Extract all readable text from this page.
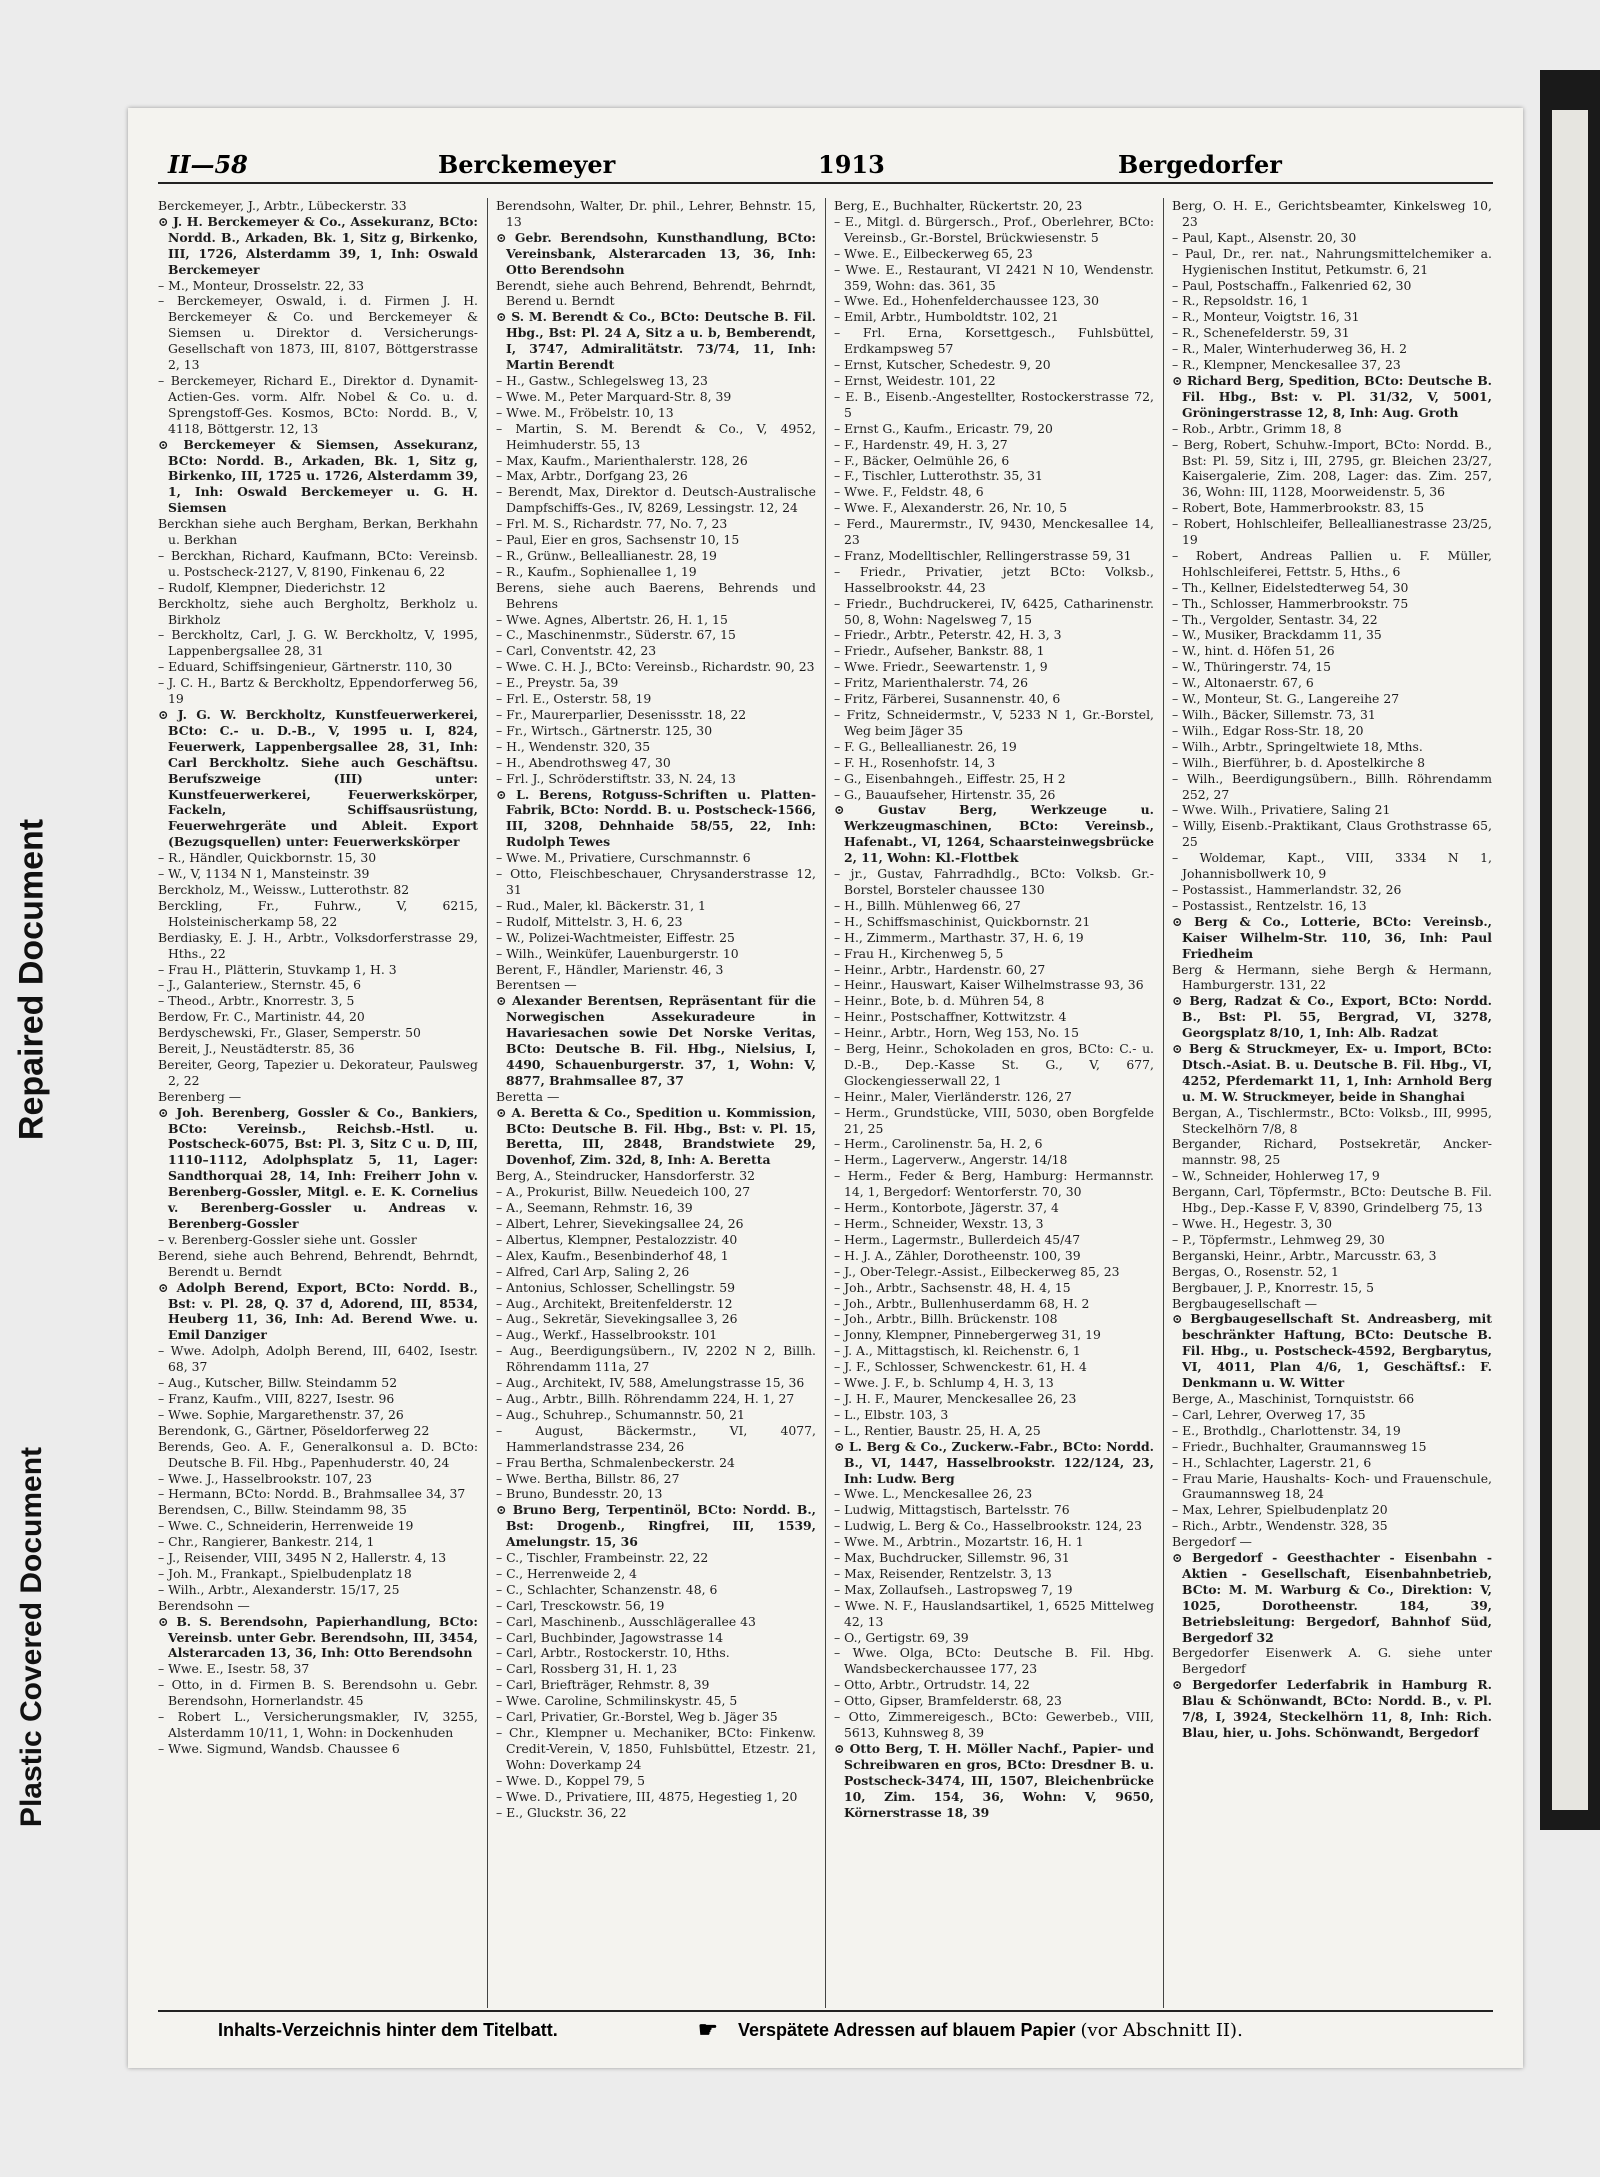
Plastic Covered Document
Repaired Document
II—58	Berckemeyer	1913	Bergedorfer

Berckemeyer, J., Arbtr., Lübeckerstr. 33

⊙ J. H. Berckemeyer & Co., Assekuranz, BCto: Nordd. B., Arkaden, Bk. 1, Sitz g, Birkenko, III, 1726, Alsterdamm 39, 1, Inh: Oswald Berckemeyer

– M., Monteur, Drosselstr. 22, 33

– Berckemeyer, Oswald, i. d. Firmen J. H. Berckemeyer & Co. und Berckemeyer & Siemsen u. Direktor d. Versicherungs-Gesellschaft von 1873, III, 8107, Böttgerstrasse 2, 13

– Berckemeyer, Richard E., Direktor d. Dynamit-Actien-Ges. vorm. Alfr. Nobel & Co. u. d. Sprengstoff-Ges. Kosmos, BCto: Nordd. B., V, 4118, Böttgerstr. 12, 13

⊙ Berckemeyer & Siemsen, Assekuranz, BCto: Nordd. B., Arkaden, Bk. 1, Sitz g, Birkenko, III, 1725 u. 1726, Alsterdamm 39, 1, Inh: Oswald Berckemeyer u. G. H. Siemsen

Berckhan siehe auch Bergham, Berkan, Berkhahn u. Berkhan

– Berckhan, Richard, Kaufmann, BCto: Vereinsb. u. Postscheck-2127, V, 8190, Finkenau 6, 22

– Rudolf, Klempner, Diederichstr. 12

Berckholtz, siehe auch Bergholtz, Berkholz u. Birkholz

– Berckholtz, Carl, J. G. W. Berckholtz, V, 1995, Lappenbergsallee 28, 31

– Eduard, Schiffsingenieur, Gärtnerstr. 110, 30

– J. C. H., Bartz & Berckholtz, Eppendorferweg 56, 19

⊙ J. G. W. Berckholtz, Kunstfeuerwerkerei, BCto: C.- u. D.-B., V, 1995 u. I, 824, Feuerwerk, Lappenbergsallee 28, 31, Inh: Carl Berckholtz. Siehe auch Geschäftsu. Berufszweige (III) unter: Kunstfeuerwerkerei, Feuerwerkskörper, Fackeln, Schiffsausrüstung, Feuerwehrgeräte und Ableit. Export (Bezugsquellen) unter: Feuerwerkskörper

– R., Händler, Quickbornstr. 15, 30

– W., V, 1134 N 1, Mansteinstr. 39

Berckholz, M., Weissw., Lutterothstr. 82

Berckling, Fr., Fuhrw., V, 6215, Holsteinischerkamp 58, 22

Berdiasky, E. J. H., Arbtr., Volksdorferstrasse 29, Hths., 22

– Frau H., Plätterin, Stuvkamp 1, H. 3

– J., Galanteriew., Sternstr. 45, 6

– Theod., Arbtr., Knorrestr. 3, 5

Berdow, Fr. C., Martinistr. 44, 20

Berdyschewski, Fr., Glaser, Semperstr. 50

Bereit, J., Neustädterstr. 85, 36

Bereiter, Georg, Tapezier u. Dekorateur, Paulsweg 2, 22

Berenberg —

⊙ Joh. Berenberg, Gossler & Co., Bankiers, BCto: Vereinsb., Reichsb.-Hstl. u. Postscheck-6075, Bst: Pl. 3, Sitz C u. D, III, 1110–1112, Adolphsplatz 5, 11, Lager: Sandthorquai 28, 14, Inh: Freiherr John v. Berenberg-Gossler, Mitgl. e. E. K. Cornelius v. Berenberg-Gossler u. Andreas v. Berenberg-Gossler

– v. Berenberg-Gossler siehe unt. Gossler

Berend, siehe auch Behrend, Behrendt, Behrndt, Berendt u. Berndt

⊙ Adolph Berend, Export, BCto: Nordd. B., Bst: v. Pl. 28, Q. 37 d, Adorend, III, 8534, Heuberg 11, 36, Inh: Ad. Berend Wwe. u. Emil Danziger

– Wwe. Adolph, Adolph Berend, III, 6402, Isestr. 68, 37

– Aug., Kutscher, Billw. Steindamm 52

– Franz, Kaufm., VIII, 8227, Isestr. 96

– Wwe. Sophie, Margarethenstr. 37, 26

Berendonk, G., Gärtner, Pöseldorferweg 22

Berends, Geo. A. F., Generalkonsul a. D. BCto: Deutsche B. Fil. Hbg., Papenhuderstr. 40, 24

– Wwe. J., Hasselbrookstr. 107, 23

– Hermann, BCto: Nordd. B., Brahmsallee 34, 37

Berendsen, C., Billw. Steindamm 98, 35

– Wwe. C., Schneiderin, Herrenweide 19

– Chr., Rangierer, Bankestr. 214, 1

– J., Reisender, VIII, 3495 N 2, Hallerstr. 4, 13

– Joh. M., Frankapt., Spielbudenplatz 18

– Wilh., Arbtr., Alexanderstr. 15/17, 25

Berendsohn —

⊙ B. S. Berendsohn, Papierhandlung, BCto: Vereinsb. unter Gebr. Berendsohn, III, 3454, Alsterarcaden 13, 36, Inh: Otto Berendsohn

– Wwe. E., Isestr. 58, 37

– Otto, in d. Firmen B. S. Berendsohn u. Gebr. Berendsohn, Hornerlandstr. 45

– Robert L., Versicherungsmakler, IV, 3255, Alsterdamm 10/11, 1, Wohn: in Dockenhuden

– Wwe. Sigmund, Wandsb. Chaussee 6

Berendsohn, Walter, Dr. phil., Lehrer, Behnstr. 15, 13

⊙ Gebr. Berendsohn, Kunsthandlung, BCto: Vereinsbank, Alsterarcaden 13, 36, Inh: Otto Berendsohn

Berendt, siehe auch Behrend, Behrendt, Behrndt, Berend u. Berndt

⊙ S. M. Berendt & Co., BCto: Deutsche B. Fil. Hbg., Bst: Pl. 24 A, Sitz a u. b, Bemberendt, I, 3747, Admiralitätstr. 73/74, 11, Inh: Martin Berendt

– H., Gastw., Schlegelsweg 13, 23

– Wwe. M., Peter Marquard-Str. 8, 39

– Wwe. M., Fröbelstr. 10, 13

– Martin, S. M. Berendt & Co., V, 4952, Heimhuderstr. 55, 13

– Max, Kaufm., Marienthalerstr. 128, 26

– Max, Arbtr., Dorfgang 23, 26

– Berendt, Max, Direktor d. Deutsch-Australische Dampfschiffs-Ges., IV, 8269, Lessingstr. 12, 24

– Frl. M. S., Richardstr. 77, No. 7, 23

– Paul, Eier en gros, Sachsenstr 10, 15

– R., Grünw., Belleallianestr. 28, 19

– R., Kaufm., Sophienallee 1, 19

Berens, siehe auch Baerens, Behrends und Behrens

– Wwe. Agnes, Albertstr. 26, H. 1, 15

– C., Maschinenmstr., Süderstr. 67, 15

– Carl, Conventstr. 42, 23

– Wwe. C. H. J., BCto: Vereinsb., Richardstr. 90, 23

– E., Preystr. 5a, 39

– Frl. E., Osterstr. 58, 19

– Fr., Maurerparlier, Desenissstr. 18, 22

– Fr., Wirtsch., Gärtnerstr. 125, 30

– H., Wendenstr. 320, 35

– H., Abendrothsweg 47, 30

– Frl. J., Schröderstiftstr. 33, N. 24, 13

⊙ L. Berens, Rotguss-Schriften u. Platten-Fabrik, BCto: Nordd. B. u. Postscheck-1566, III, 3208, Dehnhaide 58/55, 22, Inh: Rudolph Tewes

– Wwe. M., Privatiere, Curschmannstr. 6

– Otto, Fleischbeschauer, Chrysanderstrasse 12, 31

– Rud., Maler, kl. Bäckerstr. 31, 1

– Rudolf, Mittelstr. 3, H. 6, 23

– W., Polizei-Wachtmeister, Eiffestr. 25

– Wilh., Weinküfer, Lauenburgerstr. 10

Berent, F., Händler, Marienstr. 46, 3

Berentsen —

⊙ Alexander Berentsen, Repräsentant für die Norwegischen Assekuradeure in Havariesachen sowie Det Norske Veritas, BCto: Deutsche B. Fil. Hbg., Nielsius, I, 4490, Schauenburgerstr. 37, 1, Wohn: V, 8877, Brahmsallee 87, 37

Beretta —

⊙ A. Beretta & Co., Spedition u. Kommission, BCto: Deutsche B. Fil. Hbg., Bst: v. Pl. 15, Beretta, III, 2848, Brandstwiete 29, Dovenhof, Zim. 32d, 8, Inh: A. Beretta

Berg, A., Steindrucker, Hansdorferstr. 32

– A., Prokurist, Billw. Neuedeich 100, 27

– A., Seemann, Rehmstr. 16, 39

– Albert, Lehrer, Sievekingsallee 24, 26

– Albertus, Klempner, Pestalozzistr. 40

– Alex, Kaufm., Besenbinderhof 48, 1

– Alfred, Carl Arp, Saling 2, 26

– Antonius, Schlosser, Schellingstr. 59

– Aug., Architekt, Breitenfelderstr. 12

– Aug., Sekretär, Sievekingsallee 3, 26

– Aug., Werkf., Hasselbrookstr. 101

– Aug., Beerdigungsübern., IV, 2202 N 2, Billh. Röhrendamm 111a, 27

– Aug., Architekt, IV, 588, Amelungstrasse 15, 36

– Aug., Arbtr., Billh. Röhrendamm 224, H. 1, 27

– Aug., Schuhrep., Schumannstr. 50, 21

– August, Bäckermstr., VI, 4077, Hammerlandstrasse 234, 26

– Frau Bertha, Schmalenbeckerstr. 24

– Wwe. Bertha, Billstr. 86, 27

– Bruno, Bundesstr. 20, 13

⊙ Bruno Berg, Terpentinöl, BCto: Nordd. B., Bst: Drogenb., Ringfrei, III, 1539, Amelungstr. 15, 36

– C., Tischler, Frambeinstr. 22, 22

– C., Herrenweide 2, 4

– C., Schlachter, Schanzenstr. 48, 6

– Carl, Tresckowstr. 56, 19

– Carl, Maschinenb., Ausschlägerallee 43

– Carl, Buchbinder, Jagowstrasse 14

– Carl, Arbtr., Rostockerstr. 10, Hths.

– Carl, Rossberg 31, H. 1, 23

– Carl, Briefträger, Rehmstr. 8, 39

– Wwe. Caroline, Schmilinskystr. 45, 5

– Carl, Privatier, Gr.-Borstel, Weg b. Jäger 35

– Chr., Klempner u. Mechaniker, BCto: Finkenw. Credit-Verein, V, 1850, Fuhlsbüttel, Etzestr. 21, Wohn: Doverkamp 24

– Wwe. D., Koppel 79, 5

– Wwe. D., Privatiere, III, 4875, Hegestieg 1, 20

– E., Gluckstr. 36, 22

Berg, E., Buchhalter, Rückertstr. 20, 23

– E., Mitgl. d. Bürgersch., Prof., Oberlehrer, BCto: Vereinsb., Gr.-Borstel, Brückwiesenstr. 5

– Wwe. E., Eilbeckerweg 65, 23

– Wwe. E., Restaurant, VI 2421 N 10, Wendenstr. 359, Wohn: das. 361, 35

– Wwe. Ed., Hohenfelderchaussee 123, 30

– Emil, Arbtr., Humboldtstr. 102, 21

– Frl. Erna, Korsettgesch., Fuhlsbüttel, Erdkampsweg 57

– Ernst, Kutscher, Schedestr. 9, 20

– Ernst, Weidestr. 101, 22

– E. B., Eisenb.-Angestellter, Rostockerstrasse 72, 5

– Ernst G., Kaufm., Ericastr. 79, 20

– F., Hardenstr. 49, H. 3, 27

– F., Bäcker, Oelmühle 26, 6

– F., Tischler, Lutterothstr. 35, 31

– Wwe. F., Feldstr. 48, 6

– Wwe. F., Alexanderstr. 26, Nr. 10, 5

– Ferd., Maurermstr., IV, 9430, Menckesallee 14, 23

– Franz, Modelltischler, Rellingerstrasse 59, 31

– Friedr., Privatier, jetzt BCto: Volksb., Hasselbrookstr. 44, 23

– Friedr., Buchdruckerei, IV, 6425, Catharinenstr. 50, 8, Wohn: Nagelsweg 7, 15

– Friedr., Arbtr., Peterstr. 42, H. 3, 3

– Friedr., Aufseher, Bankstr. 88, 1

– Wwe. Friedr., Seewartenstr. 1, 9

– Fritz, Marienthalerstr. 74, 26

– Fritz, Färberei, Susannenstr. 40, 6

– Fritz, Schneidermstr., V, 5233 N 1, Gr.-Borstel, Weg beim Jäger 35

– F. G., Belleallianestr. 26, 19

– F. H., Rosenhofstr. 14, 3

– G., Eisenbahngeh., Eiffestr. 25, H 2

– G., Bauaufseher, Hirtenstr. 35, 26

⊙ Gustav Berg, Werkzeuge u. Werkzeugmaschinen, BCto: Vereinsb., Hafenabt., VI, 1264, Schaarsteinwegsbrücke 2, 11, Wohn: Kl.-Flottbek

– jr., Gustav, Fahrradhdlg., BCto: Volksb. Gr.-Borstel, Borsteler chaussee 130

– H., Billh. Mühlenweg 66, 27

– H., Schiffsmaschinist, Quickbornstr. 21

– H., Zimmerm., Marthastr. 37, H. 6, 19

– Frau H., Kirchenweg 5, 5

– Heinr., Arbtr., Hardenstr. 60, 27

– Heinr., Hauswart, Kaiser Wilhelmstrasse 93, 36

– Heinr., Bote, b. d. Mühren 54, 8

– Heinr., Postschaffner, Kottwitzstr. 4

– Heinr., Arbtr., Horn, Weg 153, No. 15

– Berg, Heinr., Schokoladen en gros, BCto: C.- u. D.-B., Dep.-Kasse St. G., V, 677, Glockengiesserwall 22, 1

– Heinr., Maler, Vierländerstr. 126, 27

– Herm., Grundstücke, VIII, 5030, oben Borgfelde 21, 25

– Herm., Carolinenstr. 5a, H. 2, 6

– Herm., Lagerverw., Angerstr. 14/18

– Herm., Feder & Berg, Hamburg: Hermannstr. 14, 1, Bergedorf: Wentorferstr. 70, 30

– Herm., Kontorbote, Jägerstr. 37, 4

– Herm., Schneider, Wexstr. 13, 3

– Herm., Lagermstr., Bullerdeich 45/47

– H. J. A., Zähler, Dorotheenstr. 100, 39

– J., Ober-Telegr.-Assist., Eilbeckerweg 85, 23

– Joh., Arbtr., Sachsenstr. 48, H. 4, 15

– Joh., Arbtr., Bullenhuserdamm 68, H. 2

– Joh., Arbtr., Billh. Brückenstr. 108

– Jonny, Klempner, Pinnebergerweg 31, 19

– J. A., Mittagstisch, kl. Reichenstr. 6, 1

– J. F., Schlosser, Schwenckestr. 61, H. 4

– Wwe. J. F., b. Schlump 4, H. 3, 13

– J. H. F., Maurer, Menckesallee 26, 23

– L., Elbstr. 103, 3

– L., Rentier, Baustr. 25, H. A, 25

⊙ L. Berg & Co., Zuckerw.-Fabr., BCto: Nordd. B., VI, 1447, Hasselbrookstr. 122/124, 23, Inh: Ludw. Berg

– Wwe. L., Menckesallee 26, 23

– Ludwig, Mittagstisch, Bartelsstr. 76

– Ludwig, L. Berg & Co., Hasselbrookstr. 124, 23

– Wwe. M., Arbtrin., Mozartstr. 16, H. 1

– Max, Buchdrucker, Sillemstr. 96, 31

– Max, Reisender, Rentzelstr. 3, 13

– Max, Zollaufseh., Lastropsweg 7, 19

– Wwe. N. F., Hauslandsartikel, 1, 6525 Mittelweg 42, 13

– O., Gertigstr. 69, 39

– Wwe. Olga, BCto: Deutsche B. Fil. Hbg. Wandsbeckerchaussee 177, 23

– Otto, Arbtr., Ortrudstr. 14, 22

– Otto, Gipser, Bramfelderstr. 68, 23

– Otto, Zimmereigesch., BCto: Gewerbeb., VIII, 5613, Kuhnsweg 8, 39

⊙ Otto Berg, T. H. Möller Nachf., Papier- und Schreibwaren en gros, BCto: Dresdner B. u. Postscheck-3474, III, 1507, Bleichenbrücke 10, Zim. 154, 36, Wohn: V, 9650, Körnerstrasse 18, 39

Berg, O. H. E., Gerichtsbeamter, Kinkelsweg 10, 23

– Paul, Kapt., Alsenstr. 20, 30

– Paul, Dr., rer. nat., Nahrungsmittelchemiker a. Hygienischen Institut, Petkumstr. 6, 21

– Paul, Postschaffn., Falkenried 62, 30

– R., Repsoldstr. 16, 1

– R., Monteur, Voigtstr. 16, 31

– R., Schenefelderstr. 59, 31

– R., Maler, Winterhuderweg 36, H. 2

– R., Klempner, Menckesallee 37, 23

⊙ Richard Berg, Spedition, BCto: Deutsche B. Fil. Hbg., Bst: v. Pl. 31/32, V, 5001, Gröningerstrasse 12, 8, Inh: Aug. Groth

– Rob., Arbtr., Grimm 18, 8

– Berg, Robert, Schuhw.-Import, BCto: Nordd. B., Bst: Pl. 59, Sitz i, III, 2795, gr. Bleichen 23/27, Kaisergalerie, Zim. 208, Lager: das. Zim. 257, 36, Wohn: III, 1128, Moorweidenstr. 5, 36

– Robert, Bote, Hammerbrookstr. 83, 15

– Robert, Hohlschleifer, Belleallianestrasse 23/25, 19

– Robert, Andreas Pallien u. F. Müller, Hohlschleiferei, Fettstr. 5, Hths., 6

– Th., Kellner, Eidelstedterweg 54, 30

– Th., Schlosser, Hammerbrookstr. 75

– Th., Vergolder, Sentastr. 34, 22

– W., Musiker, Brackdamm 11, 35

– W., hint. d. Höfen 51, 26

– W., Thüringerstr. 74, 15

– W., Altonaerstr. 67, 6

– W., Monteur, St. G., Langereihe 27

– Wilh., Bäcker, Sillemstr. 73, 31

– Wilh., Edgar Ross-Str. 18, 20

– Wilh., Arbtr., Springeltwiete 18, Mths.

– Wilh., Bierführer, b. d. Apostelkirche 8

– Wilh., Beerdigungsübern., Billh. Röhrendamm 252, 27

– Wwe. Wilh., Privatiere, Saling 21

– Willy, Eisenb.-Praktikant, Claus Grothstrasse 65, 25

– Woldemar, Kapt., VIII, 3334 N 1, Johannisbollwerk 10, 9

– Postassist., Hammerlandstr. 32, 26

– Postassist., Rentzelstr. 16, 13

⊙ Berg & Co., Lotterie, BCto: Vereinsb., Kaiser Wilhelm-Str. 110, 36, Inh: Paul Friedheim

Berg & Hermann, siehe Bergh & Hermann, Hamburgerstr. 131, 22

⊙ Berg, Radzat & Co., Export, BCto: Nordd. B., Bst: Pl. 55, Bergrad, VI, 3278, Georgsplatz 8/10, 1, Inh: Alb. Radzat

⊙ Berg & Struckmeyer, Ex- u. Import, BCto: Dtsch.-Asiat. B. u. Deutsche B. Fil. Hbg., VI, 4252, Pferdemarkt 11, 1, Inh: Arnhold Berg u. M. W. Struckmeyer, beide in Shanghai

Bergan, A., Tischlermstr., BCto: Volksb., III, 9995, Steckelhörn 7/8, 8

Bergander, Richard, Postsekretär, Ancker-mannstr. 98, 25

– W., Schneider, Hohlerweg 17, 9

Bergann, Carl, Töpfermstr., BCto: Deutsche B. Fil. Hbg., Dep.-Kasse F, V, 8390, Grindelberg 75, 13

– Wwe. H., Hegestr. 3, 30

– P., Töpfermstr., Lehmweg 29, 30

Berganski, Heinr., Arbtr., Marcusstr. 63, 3

Bergas, O., Rosenstr. 52, 1

Bergbauer, J. P., Knorrestr. 15, 5

Bergbaugesellschaft —

⊙ Bergbaugesellschaft St. Andreasberg, mit beschränkter Haftung, BCto: Deutsche B. Fil. Hbg., u. Postscheck-4592, Bergbarytus, VI, 4011, Plan 4/6, 1, Geschäftsf.: F. Denkmann u. W. Witter

Berge, A., Maschinist, Tornquiststr. 66

– Carl, Lehrer, Overweg 17, 35

– E., Brothdlg., Charlottenstr. 34, 19

– Friedr., Buchhalter, Graumannsweg 15

– H., Schlachter, Lagerstr. 21, 6

– Frau Marie, Haushalts- Koch- und Frauenschule, Graumannsweg 18, 24

– Max, Lehrer, Spielbudenplatz 20

– Rich., Arbtr., Wendenstr. 328, 35

Bergedorf —

⊙ Bergedorf - Geesthachter - Eisenbahn - Aktien - Gesellschaft, Eisenbahnbetrieb, BCto: M. M. Warburg & Co., Direktion: V, 1025, Dorotheenstr. 184, 39, Betriebsleitung: Bergedorf, Bahnhof Süd, Bergedorf 32

Bergedorfer Eisenwerk A. G. siehe unter Bergedorf

⊙ Bergedorfer Lederfabrik in Hamburg R. Blau & Schönwandt, BCto: Nordd. B., v. Pl. 7/8, I, 3924, Steckelhörn 11, 8, Inh: Rich. Blau, hier, u. Johs. Schönwandt, Bergedorf

Inhalts-Verzeichnis hinter dem Titelbatt.	☛ Verspätete Adressen auf blauem Papier (vor Abschnitt II).
